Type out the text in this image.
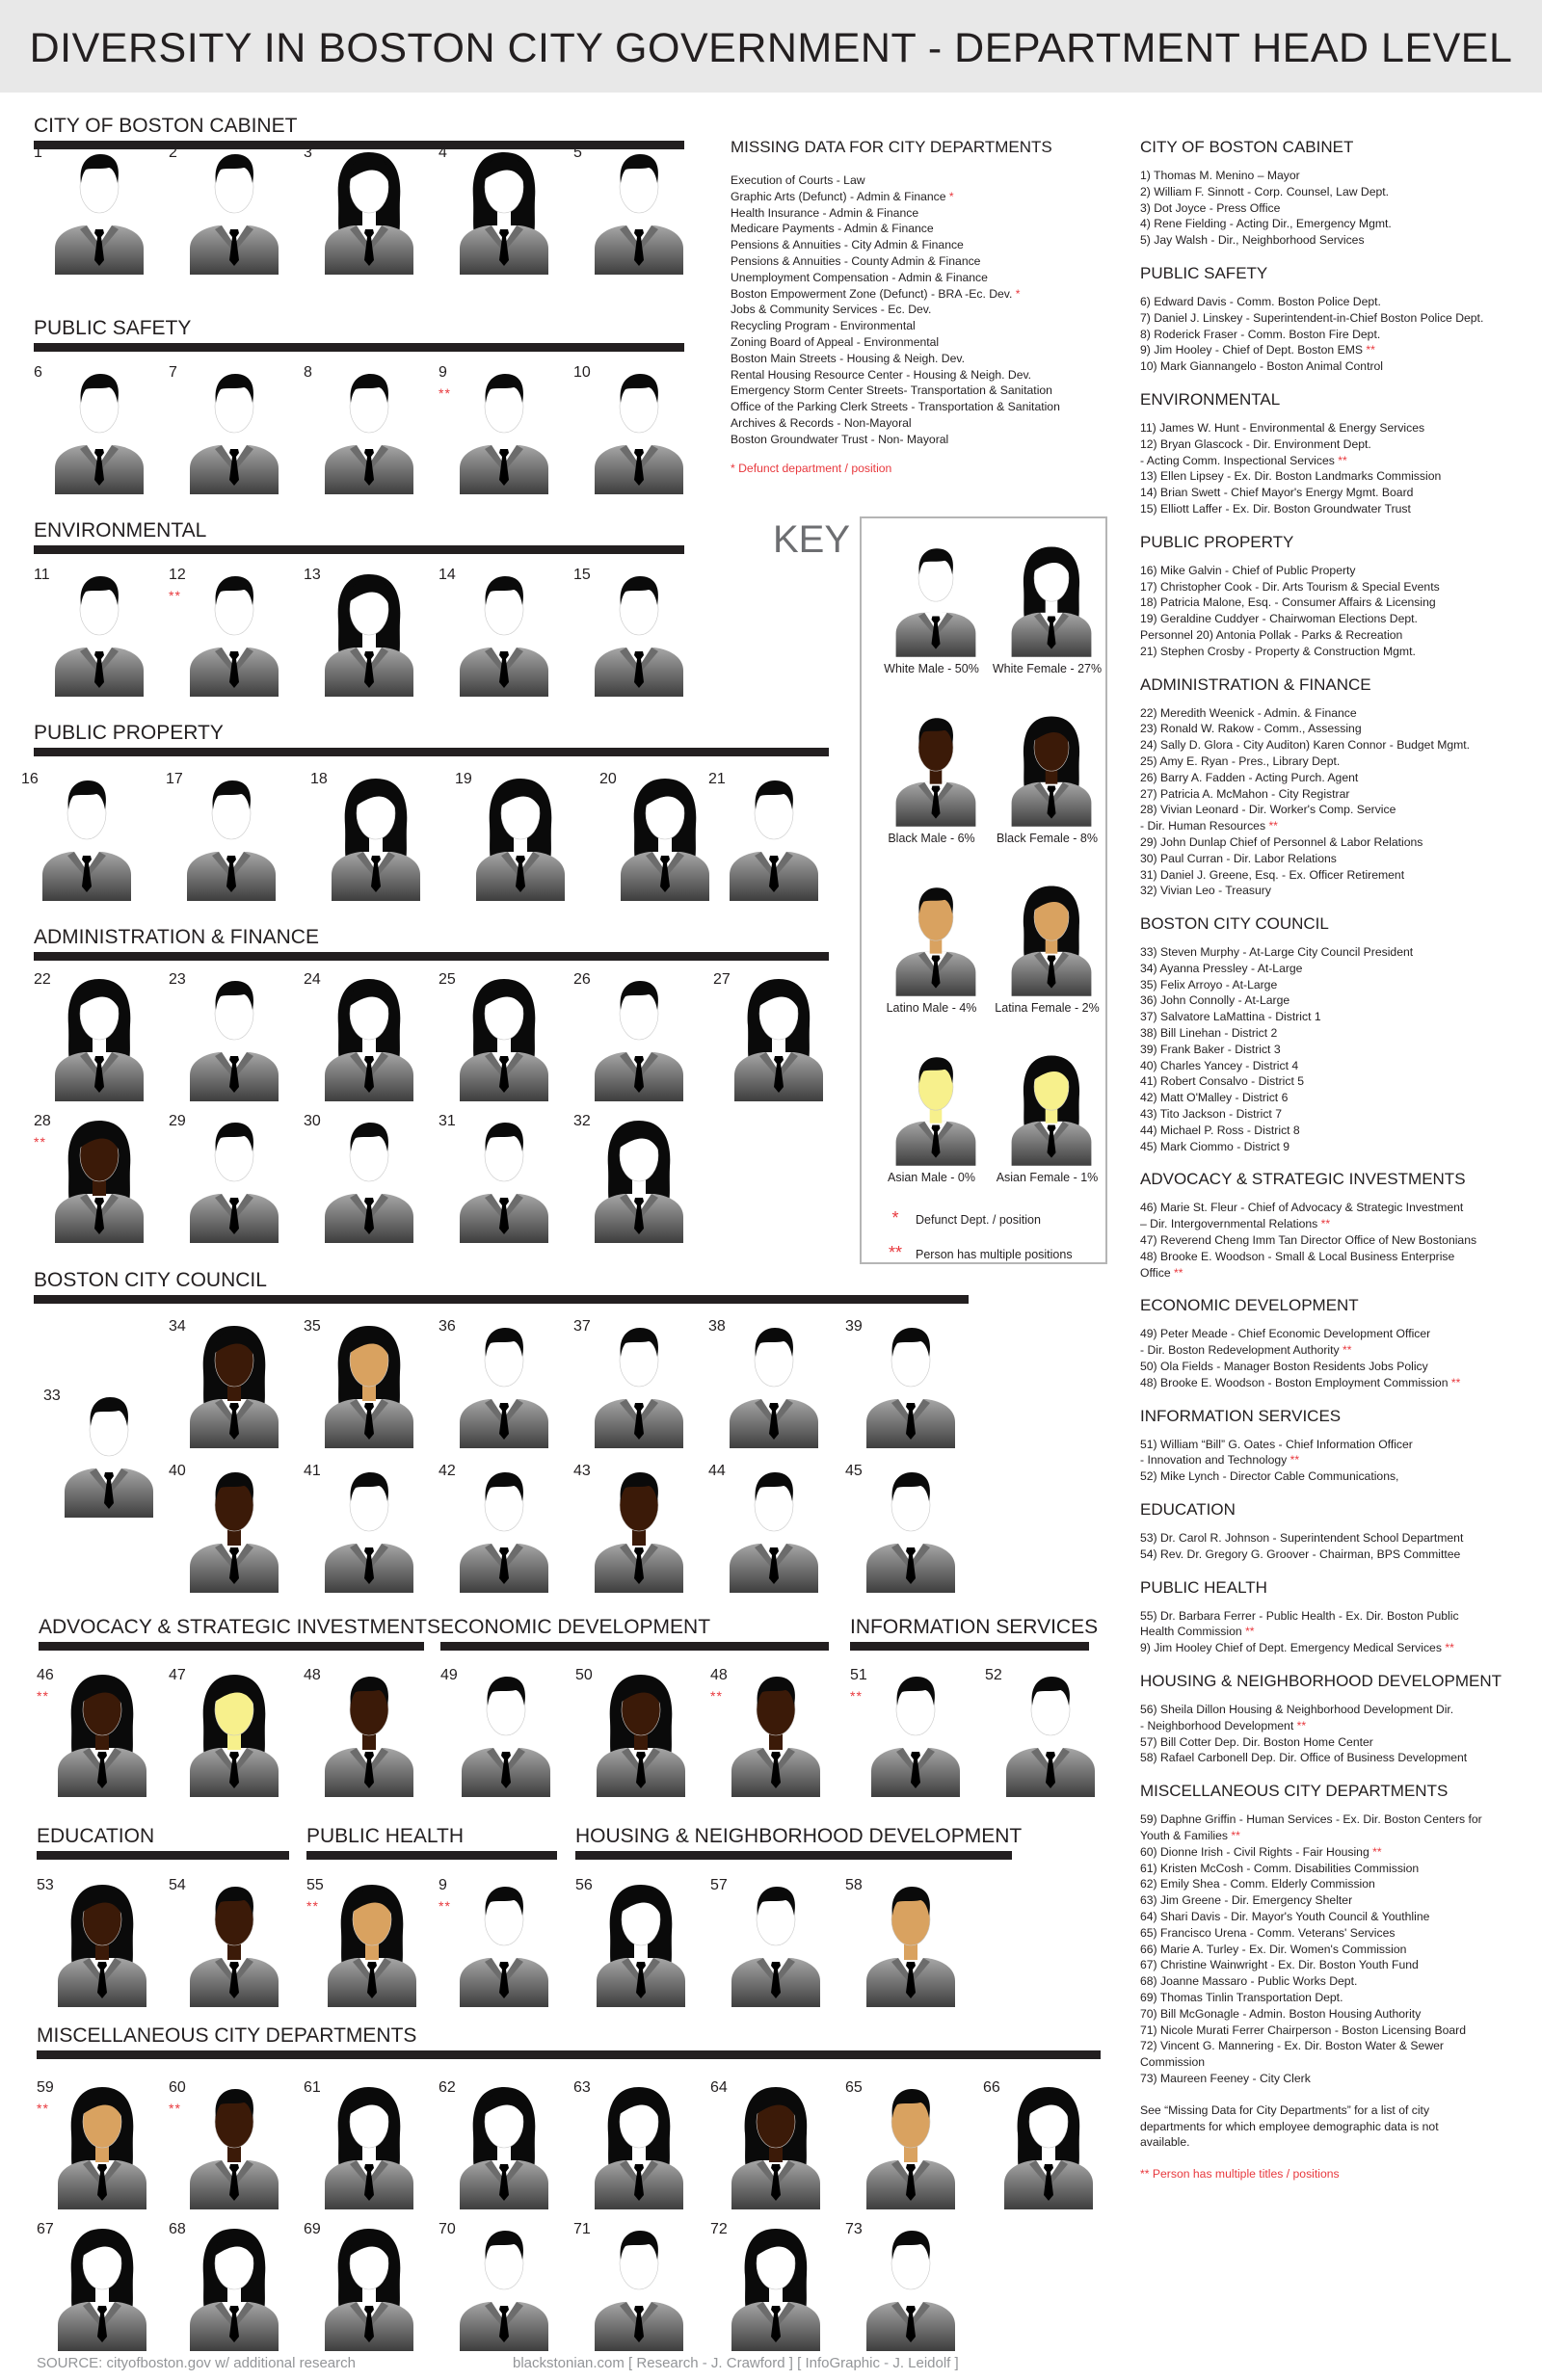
DIVERSITY IN BOSTON CITY GOVERNMENT - DEPARTMENT HEAD LEVEL
CITY OF BOSTON CABINET
1	2	3	4	5
PUBLIC SAFETY
6	7	8	9
**
10
ENVIRONMENTAL
11	12
**
13	14	15
PUBLIC PROPERTY
16	17	18	19	20	21
ADMINISTRATION & FINANCE
22	23	24	25	26	27
28
**
29	30	31	32
BOSTON CITY COUNCIL
33
34	35	36	37	38	39
40	41	42	43	44	45
ADVOCACY & STRATEGIC INVESTMENTS
46
**
47	48
ECONOMIC DEVELOPMENT
49	50	48
**
INFORMATION SERVICES
51
**
52
EDUCATION
53	54
PUBLIC HEALTH
55
**
9
**
HOUSING & NEIGHBORHOOD DEVELOPMENT
56	57	58
MISCELLANEOUS CITY DEPARTMENTS
59
**
60
**
61	62	63	64	65	66
67	68	69	70	71	72	73
MISSING DATA FOR CITY DEPARTMENTS
Execution of Courts - Law
Graphic Arts (Defunct) - Admin & Finance *
Health Insurance - Admin & Finance
Medicare Payments - Admin & Finance
Pensions & Annuities - City Admin & Finance
Pensions & Annuities - County Admin & Finance
Unemployment Compensation - Admin & Finance
Boston Empowerment Zone (Defunct) - BRA -Ec. Dev. *
Jobs & Community Services - Ec. Dev.
Recycling Program - Environmental
Zoning Board of Appeal - Environmental
Boston Main Streets - Housing & Neigh. Dev.
Rental Housing Resource Center - Housing & Neigh. Dev.
Emergency Storm Center Streets- Transportation & Sanitation
Office of the Parking Clerk Streets - Transportation & Sanitation
Archives & Records - Non-Mayoral
Boston Groundwater Trust - Non- Mayoral
* Defunct department / position
KEY
White Male - 50%	White Female - 27%
Black Male - 6%	Black Female - 8%
Latino Male - 4%	Latina Female - 2%
Asian Male - 0%	Asian Female - 1%
* Defunct Dept. / position
** Person has multiple positions
CITY OF BOSTON CABINET
1) Thomas M. Menino – Mayor
2) William F. Sinnott - Corp. Counsel, Law Dept.
3) Dot Joyce - Press Office
4) Rene Fielding - Acting Dir., Emergency Mgmt.
5) Jay Walsh - Dir., Neighborhood Services
PUBLIC SAFETY
6) Edward Davis - Comm. Boston Police Dept.
7) Daniel J. Linskey - Superintendent-in-Chief Boston Police Dept.
8) Roderick Fraser - Comm. Boston Fire Dept.
9) Jim Hooley - Chief of Dept. Boston EMS **
10) Mark Giannangelo - Boston Animal Control
ENVIRONMENTAL
11) James W. Hunt - Environmental & Energy Services
12) Bryan Glascock - Dir. Environment Dept.
- Acting Comm. Inspectional Services **
13) Ellen Lipsey - Ex. Dir. Boston Landmarks Commission
14) Brian Swett - Chief Mayor's Energy Mgmt. Board
15) Elliott Laffer - Ex. Dir. Boston Groundwater Trust
PUBLIC PROPERTY
16) Mike Galvin - Chief of Public Property
17) Christopher Cook - Dir. Arts Tourism & Special Events
18) Patricia Malone, Esq. - Consumer Affairs & Licensing
19) Geraldine Cuddyer - Chairwoman Elections Dept.
Personnel 20) Antonia Pollak - Parks & Recreation
21) Stephen Crosby - Property & Construction Mgmt.
ADMINISTRATION & FINANCE
22) Meredith Weenick - Admin. & Finance
23) Ronald W. Rakow - Comm., Assessing
24) Sally D. Glora - City Auditon) Karen Connor - Budget Mgmt.
25) Amy E. Ryan - Pres., Library Dept.
26) Barry A. Fadden - Acting Purch. Agent
27) Patricia A. McMahon - City Registrar
28) Vivian Leonard - Dir. Worker's Comp. Service
- Dir. Human Resources **
29) John Dunlap Chief of Personnel & Labor Relations
30) Paul Curran - Dir. Labor Relations
31) Daniel J. Greene, Esq. - Ex. Officer Retirement
32) Vivian Leo - Treasury
BOSTON CITY COUNCIL
33) Steven Murphy - At-Large City Council President
34) Ayanna Pressley - At-Large
35) Felix Arroyo - At-Large
36) John Connolly - At-Large
37) Salvatore LaMattina - District 1
38) Bill Linehan - District 2
39) Frank Baker - District 3
40) Charles Yancey - District 4
41) Robert Consalvo - District 5
42) Matt O'Malley - District 6
43) Tito Jackson - District 7
44) Michael P. Ross - District 8
45) Mark Ciommo - District 9
ADVOCACY & STRATEGIC INVESTMENTS
46) Marie St. Fleur - Chief of Advocacy & Strategic Investment
– Dir. Intergovernmental Relations **
47) Reverend Cheng Imm Tan Director Office of New Bostonians
48) Brooke E. Woodson - Small & Local Business Enterprise
Office **
ECONOMIC DEVELOPMENT
49) Peter Meade - Chief Economic Development Officer
- Dir. Boston Redevelopment Authority **
50) Ola Fields - Manager Boston Residents Jobs Policy
48) Brooke E. Woodson - Boston Employment Commission **
INFORMATION SERVICES
51) William “Bill” G. Oates - Chief Information Officer
- Innovation and Technology **
52) Mike Lynch - Director Cable Communications,
EDUCATION
53) Dr. Carol R. Johnson - Superintendent School Department
54) Rev. Dr. Gregory G. Groover - Chairman, BPS Committee
PUBLIC HEALTH
55) Dr. Barbara Ferrer - Public Health - Ex. Dir. Boston Public
Health Commission **
9) Jim Hooley Chief of Dept. Emergency Medical Services **
HOUSING & NEIGHBORHOOD DEVELOPMENT
56) Sheila Dillon Housing & Neighborhood Development Dir.
- Neighborhood Development **
57) Bill Cotter Dep. Dir. Boston Home Center
58) Rafael Carbonell Dep. Dir. Office of Business Development
MISCELLANEOUS CITY DEPARTMENTS
59) Daphne Griffin - Human Services - Ex. Dir. Boston Centers for
Youth & Families **
60) Dionne Irish - Civil Rights - Fair Housing **
61) Kristen McCosh - Comm. Disabilities Commission
62) Emily Shea - Comm. Elderly Commission
63) Jim Greene - Dir. Emergency Shelter
64) Shari Davis - Dir. Mayor's Youth Council & Youthline
65) Francisco Urena - Comm. Veterans' Services
66) Marie A. Turley - Ex. Dir. Women's Commission
67) Christine Wainwright - Ex. Dir. Boston Youth Fund
68) Joanne Massaro - Public Works Dept.
69) Thomas Tinlin Transportation Dept.
70) Bill McGonagle - Admin. Boston Housing Authority
71) Nicole Murati Ferrer Chairperson - Boston Licensing Board
72) Vincent G. Mannering - Ex. Dir. Boston Water & Sewer
Commission
73) Maureen Feeney - City Clerk
See “Missing Data for City Departments” for a list of city
departments for which employee demographic data is not
available.
** Person has multiple titles / positions
SOURCE: cityofboston.gov w/ additional research	blackstonian.com [ Research - J. Crawford ] [ InfoGraphic - J. Leidolf ]
